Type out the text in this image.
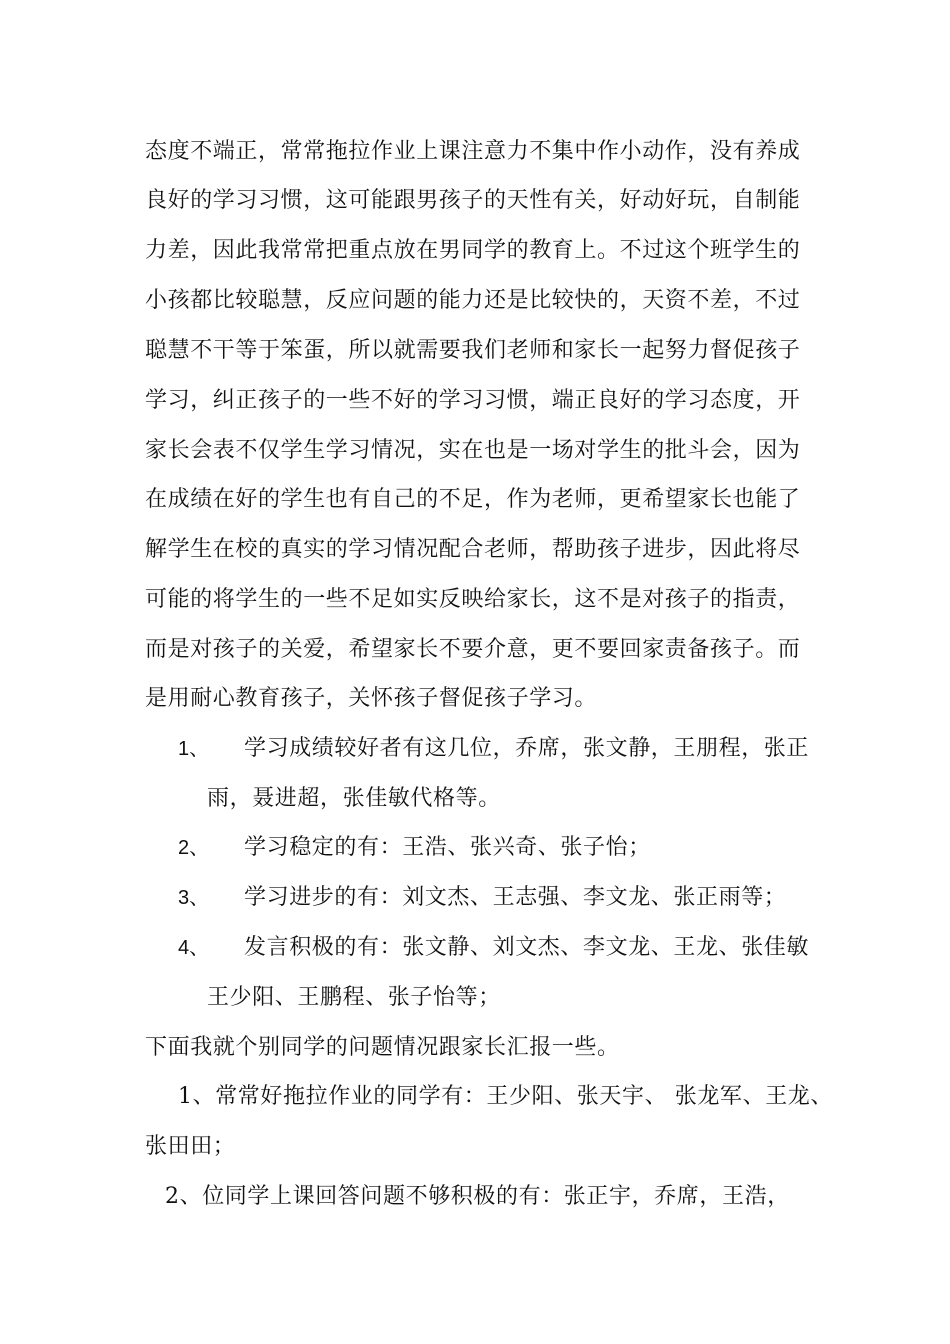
态度不端正，常常拖拉作业上课注意力不集中作小动作，没有养成
良好的学习习惯，这可能跟男孩子的天性有关，好动好玩，自制能
力差，因此我常常把重点放在男同学的教育上。不过这个班学生的
小孩都比较聪慧，反应问题的能力还是比较快的，天资不差，不过
聪慧不干等于笨蛋，所以就需要我们老师和家长一起努力督促孩子
学习，纠正孩子的一些不好的学习习惯，端正良好的学习态度，开
家长会表不仅学生学习情况，实在也是一场对学生的批斗会，因为
在成绩在好的学生也有自己的不足，作为老师，更希望家长也能了
解学生在校的真实的学习情况配合老师，帮助孩子进步，因此将尽
可能的将学生的一些不足如实反映给家长，这不是对孩子的指责，
而是对孩子的关爱，希望家长不要介意，更不要回家责备孩子。而
是用耐心教育孩子，关怀孩子督促孩子学习。
1、 学习成绩较好者有这几位，乔席，张文静，王朋程，张正
雨，聂进超，张佳敏代格等。
2、 学习稳定的有：王浩、张兴奇、张子怡；
3、 学习进步的有：刘文杰、王志强、李文龙、张正雨等；
4、 发言积极的有：张文静、刘文杰、李文龙、王龙、张佳敏
王少阳、王鹏程、张子怡等；
下面我就个别同学的问题情况跟家长汇报一些。
1、常常好拖拉作业的同学有：王少阳、张天宇、 张龙军、王龙、
张田田；
2、位同学上课回答问题不够积极的有：张正宇，乔席，王浩，
